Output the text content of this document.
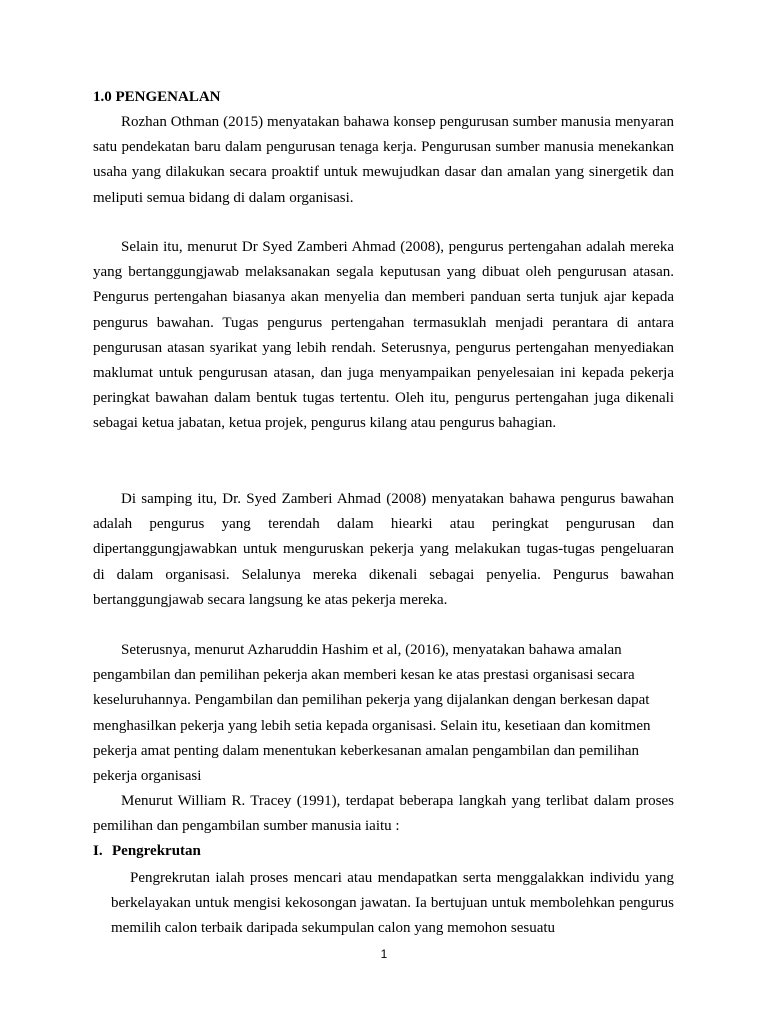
1.0 PENGENALAN

Rozhan Othman (2015) menyatakan bahawa konsep pengurusan sumber manusia menyaran satu pendekatan baru dalam pengurusan tenaga kerja. Pengurusan sumber manusia menekankan usaha yang dilakukan secara proaktif untuk mewujudkan dasar dan amalan yang sinergetik dan meliputi semua bidang di dalam organisasi.

Selain itu, menurut Dr Syed Zamberi Ahmad (2008), pengurus pertengahan adalah mereka yang bertanggungjawab melaksanakan segala keputusan yang dibuat oleh pengurusan atasan. Pengurus pertengahan biasanya akan menyelia dan memberi panduan serta tunjuk ajar kepada pengurus bawahan. Tugas pengurus pertengahan termasuklah menjadi perantara di antara pengurusan atasan syarikat yang lebih rendah. Seterusnya, pengurus pertengahan menyediakan maklumat untuk pengurusan atasan, dan juga menyampaikan penyelesaian ini kepada pekerja peringkat bawahan dalam bentuk tugas tertentu. Oleh itu, pengurus pertengahan juga dikenali sebagai ketua jabatan, ketua projek, pengurus kilang atau pengurus bahagian.

Di samping itu, Dr. Syed Zamberi Ahmad (2008) menyatakan bahawa pengurus bawahan adalah pengurus yang terendah dalam hiearki atau peringkat pengurusan dan dipertanggungjawabkan untuk menguruskan pekerja yang melakukan tugas-tugas pengeluaran di dalam organisasi. Selalunya mereka dikenali sebagai penyelia. Pengurus bawahan bertanggungjawab secara langsung ke atas pekerja mereka.

Seterusnya, menurut Azharuddin Hashim et al, (2016), menyatakan bahawa amalan pengambilan dan pemilihan pekerja akan memberi kesan ke atas prestasi organisasi secara keseluruhannya. Pengambilan dan pemilihan pekerja yang dijalankan dengan berkesan dapat menghasilkan pekerja yang lebih setia kepada organisasi. Selain itu, kesetiaan dan komitmen pekerja amat penting dalam menentukan keberkesanan amalan pengambilan dan pemilihan pekerja organisasi

Menurut William R. Tracey (1991), terdapat beberapa langkah yang terlibat dalam proses pemilihan dan pengambilan sumber manusia iaitu :

I. Pengrekrutan

Pengrekrutan ialah proses mencari atau mendapatkan serta menggalakkan individu yang berkelayakan untuk mengisi kekosongan jawatan. Ia bertujuan untuk membolehkan pengurus memilih calon terbaik daripada sekumpulan calon yang memohon sesuatu

1
